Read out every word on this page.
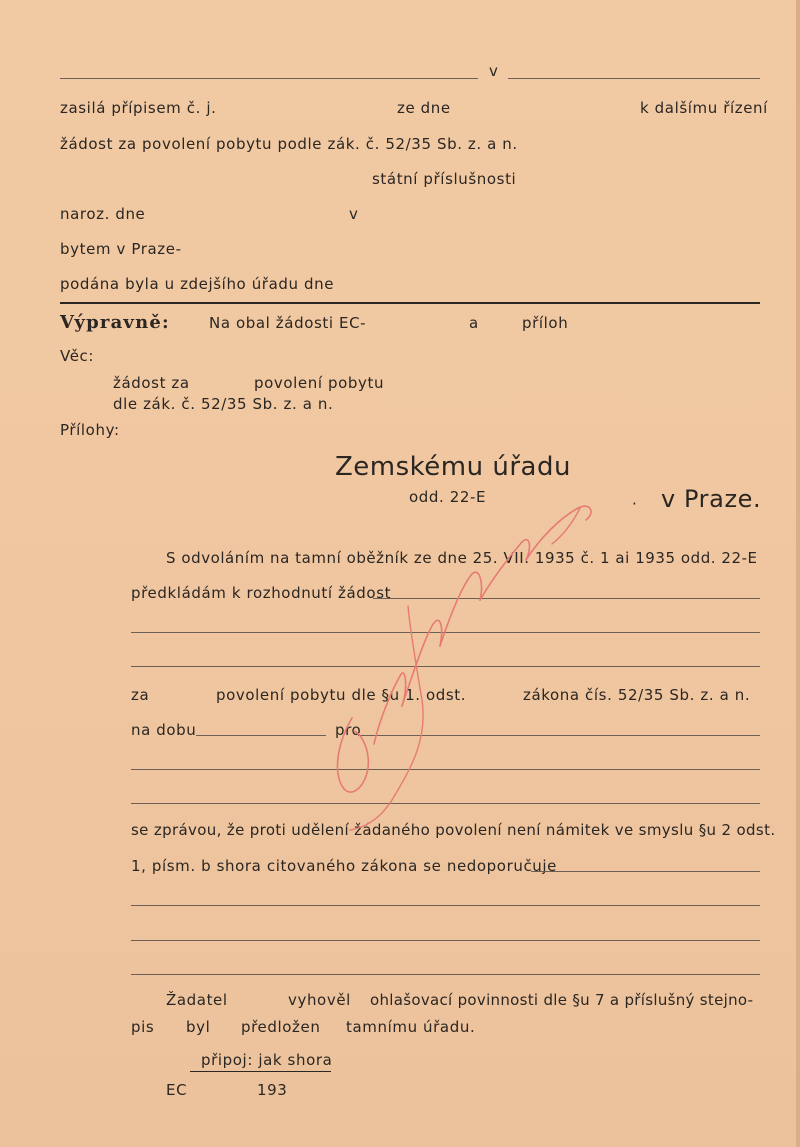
v
zasilá přípisem č. j.	ze dne	k dalšímu řízení
žádost za povolení pobytu podle zák. č. 52/35 Sb. z. a n.
státní příslušnosti
naroz. dne	v
bytem v Praze-
podána byla u zdejšího úřadu dne
Výpravně:	Na obal žádosti EC-	a	příloh
Věc:
žádost za	povolení pobytu
dle zák. č. 52/35 Sb. z. a n.
Přílohy:
Zemskému úřadu
odd. 22-E	· v Praze.
S odvoláním na tamní oběžník ze dne 25. VII. 1935 č. 1 ai 1935 odd. 22-E
předkládám k rozhodnutí žádost
za	povolení pobytu dle §u 1. odst.	zákona čís. 52/35 Sb. z. a n.
na dobu	pro
se zprávou, že proti udělení žádaného povolení není námitek ve smyslu §u 2 odst.
1, písm. b shora citovaného zákona se nedoporučuje
Žadatel	vyhověl ohlašovací povinnosti dle §u 7 a příslušný stejno-
pis byl předložen tamnímu úřadu.
připoj: jak shora
EC	193
